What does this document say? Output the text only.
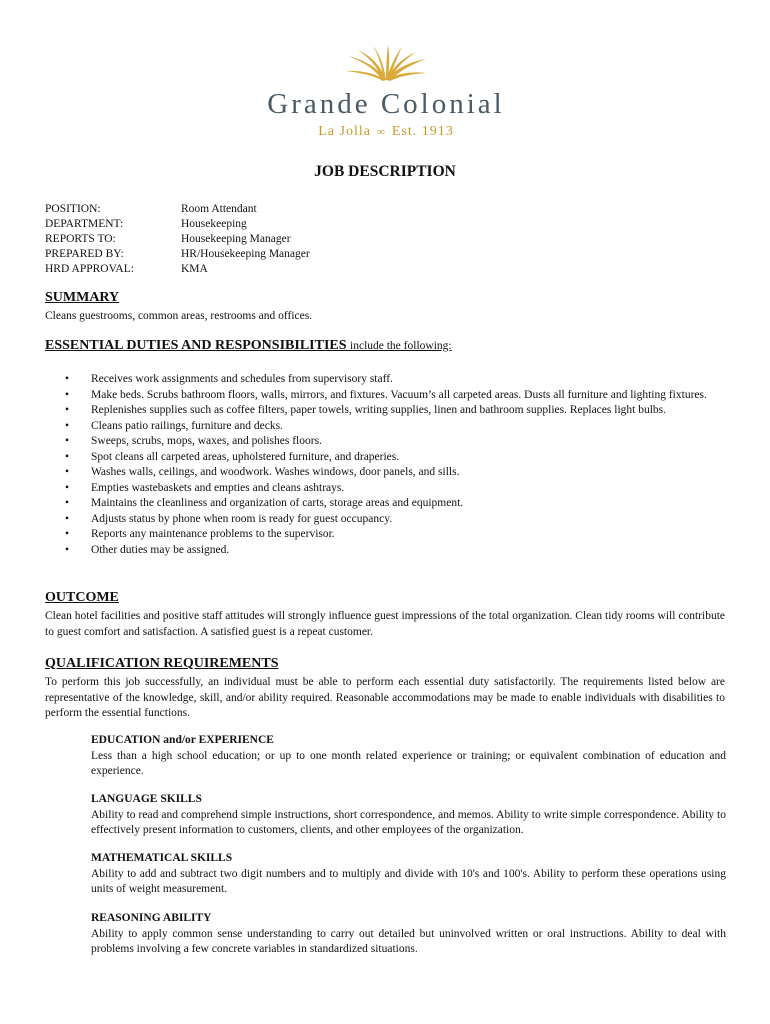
Grande Colonial
La Jolla ∞ Est. 1913
JOB DESCRIPTION
POSITION:	Room Attendant
DEPARTMENT:	Housekeeping
REPORTS TO:	Housekeeping Manager
PREPARED BY:	HR/Housekeeping Manager
HRD APPROVAL:	KMA
SUMMARY
Cleans guestrooms, common areas, restrooms and offices.
ESSENTIAL DUTIES AND RESPONSIBILITIES include the following:
• Receives work assignments and schedules from supervisory staff.
• Make beds. Scrubs bathroom floors, walls, mirrors, and fixtures. Vacuum’s all carpeted areas. Dusts all furniture and lighting fixtures.
• Replenishes supplies such as coffee filters, paper towels, writing supplies, linen and bathroom supplies. Replaces light bulbs.
• Cleans patio railings, furniture and decks.
• Sweeps, scrubs, mops, waxes, and polishes floors.
• Spot cleans all carpeted areas, upholstered furniture, and draperies.
• Washes walls, ceilings, and woodwork. Washes windows, door panels, and sills.
• Empties wastebaskets and empties and cleans ashtrays.
• Maintains the cleanliness and organization of carts, storage areas and equipment.
• Adjusts status by phone when room is ready for guest occupancy.
• Reports any maintenance problems to the supervisor.
• Other duties may be assigned.
OUTCOME
Clean hotel facilities and positive staff attitudes will strongly influence guest impressions of the total organization. Clean tidy rooms will contribute to guest comfort and satisfaction. A satisfied guest is a repeat customer.
QUALIFICATION REQUIREMENTS
To perform this job successfully, an individual must be able to perform each essential duty satisfactorily. The requirements listed below are representative of the knowledge, skill, and/or ability required. Reasonable accommodations may be made to enable individuals with disabilities to perform the essential functions.
EDUCATION and/or EXPERIENCE
Less than a high school education; or up to one month related experience or training; or equivalent combination of education and experience.
LANGUAGE SKILLS
Ability to read and comprehend simple instructions, short correspondence, and memos. Ability to write simple correspondence. Ability to effectively present information to customers, clients, and other employees of the organization.
MATHEMATICAL SKILLS
Ability to add and subtract two digit numbers and to multiply and divide with 10's and 100's. Ability to perform these operations using units of weight measurement.
REASONING ABILITY
Ability to apply common sense understanding to carry out detailed but uninvolved written or oral instructions. Ability to deal with problems involving a few concrete variables in standardized situations.
